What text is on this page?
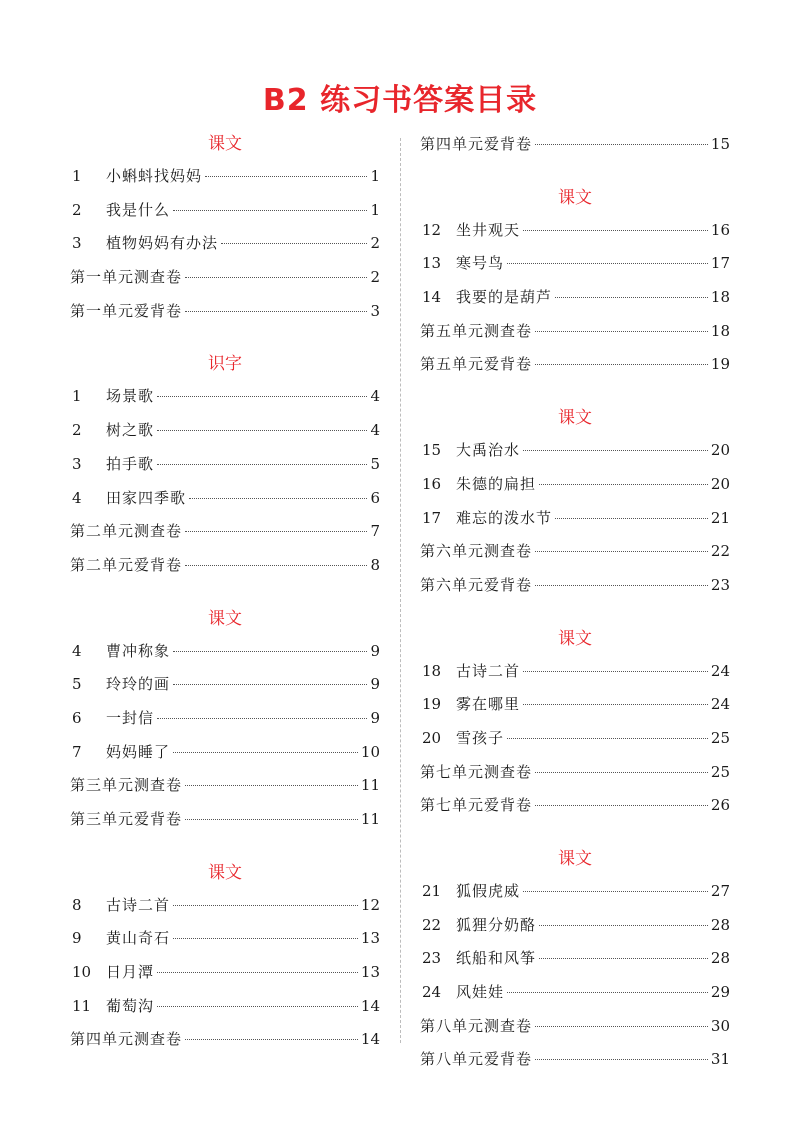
B2 练习书答案目录
课文
1	小蝌蚪找妈妈	1
2	我是什么	1
3	植物妈妈有办法	2
第一单元测查卷	2
第一单元爱背卷	3
识字
1	场景歌	4
2	树之歌	4
3	拍手歌	5
4	田家四季歌	6
第二单元测查卷	7
第二单元爱背卷	8
课文
4	曹冲称象	9
5	玲玲的画	9
6	一封信	9
7	妈妈睡了	10
第三单元测查卷	11
第三单元爱背卷	11
课文
8	古诗二首	12
9	黄山奇石	13
10 日月潭	13
11 葡萄沟	14
第四单元测查卷	14
第四单元爱背卷	15
课文
12 坐井观天	16
13 寒号鸟	17
14 我要的是葫芦	18
第五单元测查卷	18
第五单元爱背卷	19
课文
15 大禹治水	20
16 朱德的扁担	20
17 难忘的泼水节	21
第六单元测查卷	22
第六单元爱背卷	23
课文
18 古诗二首	24
19 雾在哪里	24
20 雪孩子	25
第七单元测查卷	25
第七单元爱背卷	26
课文
21 狐假虎威	27
22 狐狸分奶酪	28
23 纸船和风筝	28
24 风娃娃	29
第八单元测查卷	30
第八单元爱背卷	31
